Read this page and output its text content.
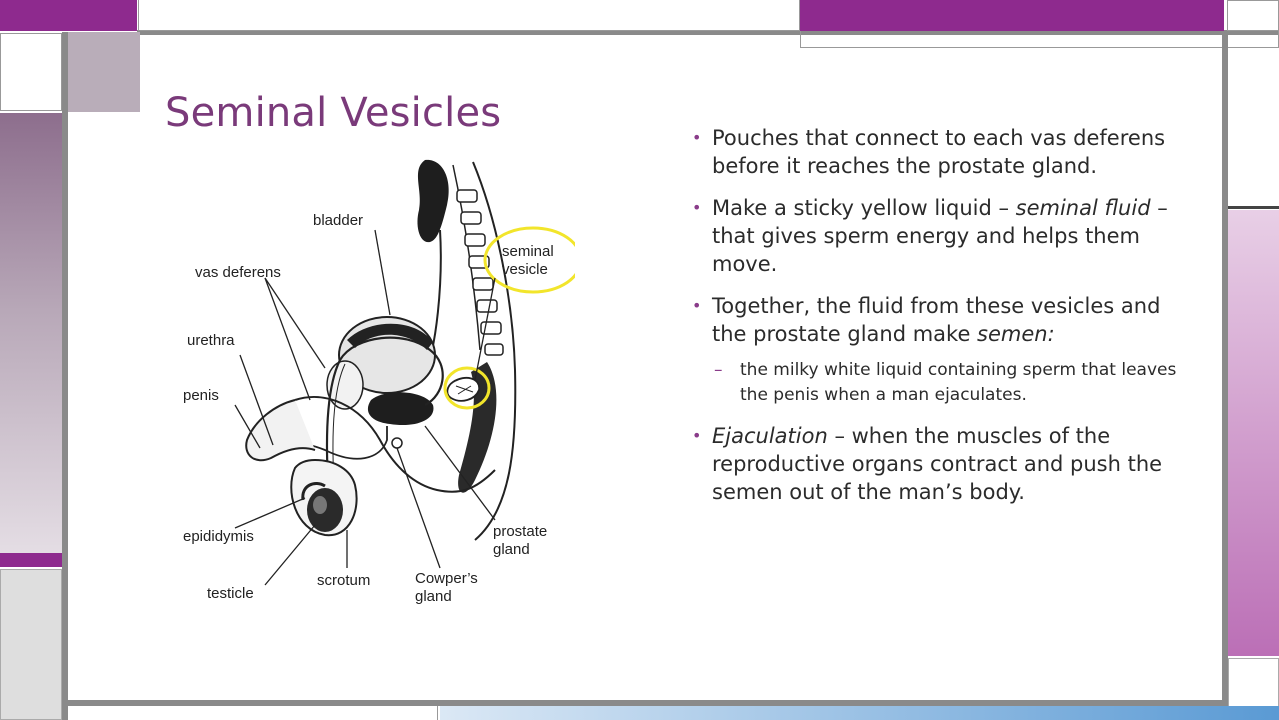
Seminal Vesicles
bladder
vas deferens
seminal
vesicle
urethra
penis
epididymis
testicle
scrotum	Cowper’s
gland
prostate
gland
• Pouches that connect to each vas deferens before it reaches the prostate gland.
• Make a sticky yellow liquid – seminal fluid – that gives sperm energy and helps them move.
• Together, the fluid from these vesicles and the prostate gland make semen:
– the milky white liquid containing sperm that leaves the penis when a man ejaculates.
• Ejaculation – when the muscles of the reproductive organs contract and push the semen out of the man’s body.
